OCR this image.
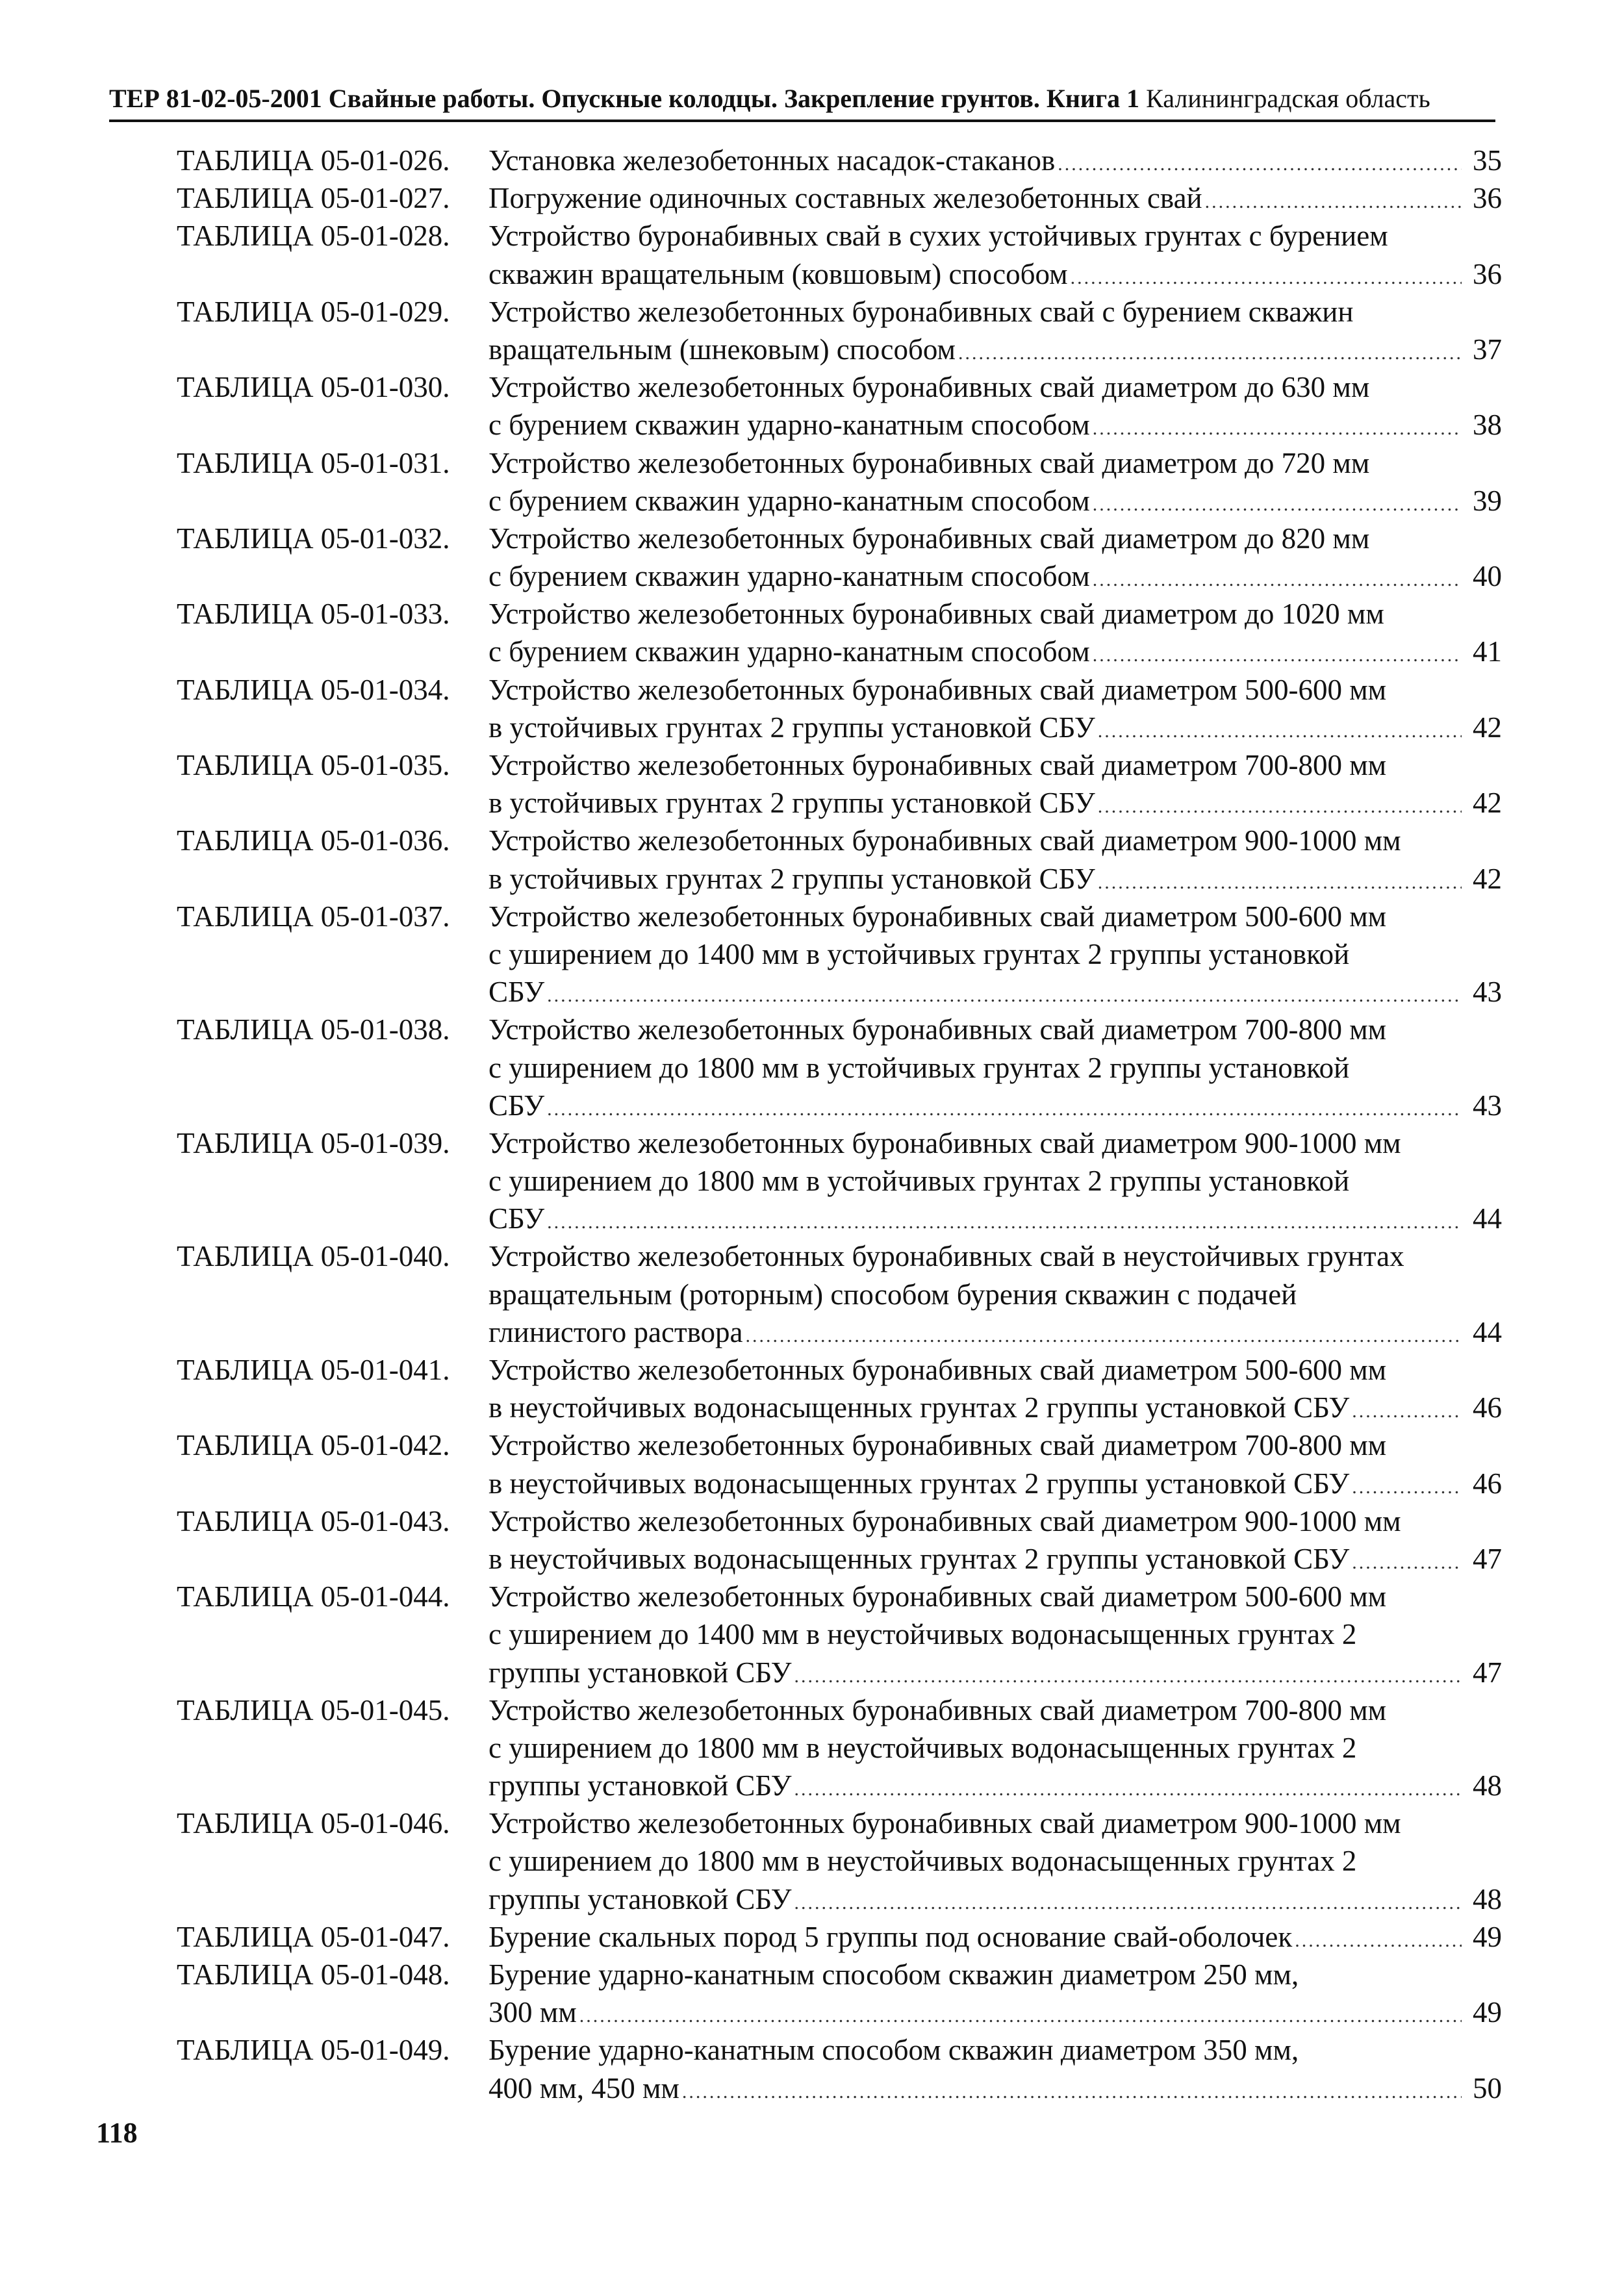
ТЕР 81-02-05-2001 Свайные работы. Опускные колодцы. Закрепление грунтов. Книга 1 Калининградская область
ТАБЛИЦА 05-01-026.	Установка железобетонных насадок-стаканов .....	35
ТАБЛИЦА 05-01-027.	Погружение одиночных составных железобетонных свай .....	36
ТАБЛИЦА 05-01-028.	Устройство буронабивных свай в сухих устойчивых грунтах с бурением
скважин вращательным (ковшовым) способом .....	36
ТАБЛИЦА 05-01-029.	Устройство железобетонных буронабивных свай с бурением скважин
вращательным (шнековым) способом .....	37
ТАБЛИЦА 05-01-030.	Устройство железобетонных буронабивных свай диаметром до 630 мм
с бурением скважин ударно-канатным способом .....	38
ТАБЛИЦА 05-01-031.	Устройство железобетонных буронабивных свай диаметром до 720 мм
с бурением скважин ударно-канатным способом .....	39
ТАБЛИЦА 05-01-032.	Устройство железобетонных буронабивных свай диаметром до 820 мм
с бурением скважин ударно-канатным способом .....	40
ТАБЛИЦА 05-01-033.	Устройство железобетонных буронабивных свай диаметром до 1020 мм
с бурением скважин ударно-канатным способом .....	41
ТАБЛИЦА 05-01-034.	Устройство железобетонных буронабивных свай диаметром 500-600 мм
в устойчивых грунтах 2 группы установкой СБУ .....	42
ТАБЛИЦА 05-01-035.	Устройство железобетонных буронабивных свай диаметром 700-800 мм
в устойчивых грунтах 2 группы установкой СБУ .....	42
ТАБЛИЦА 05-01-036.	Устройство железобетонных буронабивных свай диаметром 900-1000 мм
в устойчивых грунтах 2 группы установкой СБУ .....	42
ТАБЛИЦА 05-01-037.	Устройство железобетонных буронабивных свай диаметром 500-600 мм
с уширением до 1400 мм в устойчивых грунтах 2 группы установкой
СБУ .....	43
ТАБЛИЦА 05-01-038.	Устройство железобетонных буронабивных свай диаметром 700-800 мм
с уширением до 1800 мм в устойчивых грунтах 2 группы установкой
СБУ .....	43
ТАБЛИЦА 05-01-039.	Устройство железобетонных буронабивных свай диаметром 900-1000 мм
с уширением до 1800 мм в устойчивых грунтах 2 группы установкой
СБУ .....	44
ТАБЛИЦА 05-01-040.	Устройство железобетонных буронабивных свай в неустойчивых грунтах
вращательным (роторным) способом бурения скважин с подачей
глинистого раствора .....	44
ТАБЛИЦА 05-01-041.	Устройство железобетонных буронабивных свай диаметром 500-600 мм
в неустойчивых водонасыщенных грунтах 2 группы установкой СБУ .....	46
ТАБЛИЦА 05-01-042.	Устройство железобетонных буронабивных свай диаметром 700-800 мм
в неустойчивых водонасыщенных грунтах 2 группы установкой СБУ .....	46
ТАБЛИЦА 05-01-043.	Устройство железобетонных буронабивных свай диаметром 900-1000 мм
в неустойчивых водонасыщенных грунтах 2 группы установкой СБУ .....	47
ТАБЛИЦА 05-01-044.	Устройство железобетонных буронабивных свай диаметром 500-600 мм
с уширением до 1400 мм в неустойчивых водонасыщенных грунтах 2
группы установкой СБУ .....	47
ТАБЛИЦА 05-01-045.	Устройство железобетонных буронабивных свай диаметром 700-800 мм
с уширением до 1800 мм в неустойчивых водонасыщенных грунтах 2
группы установкой СБУ .....	48
ТАБЛИЦА 05-01-046.	Устройство железобетонных буронабивных свай диаметром 900-1000 мм
с уширением до 1800 мм в неустойчивых водонасыщенных грунтах 2
группы установкой СБУ .....	48
ТАБЛИЦА 05-01-047.	Бурение скальных пород 5 группы под основание свай-оболочек .....	49
ТАБЛИЦА 05-01-048.	Бурение ударно-канатным способом скважин диаметром 250 мм,
300 мм .....	49
ТАБЛИЦА 05-01-049.	Бурение ударно-канатным способом скважин диаметром 350 мм,
400 мм, 450 мм .....	50
118
